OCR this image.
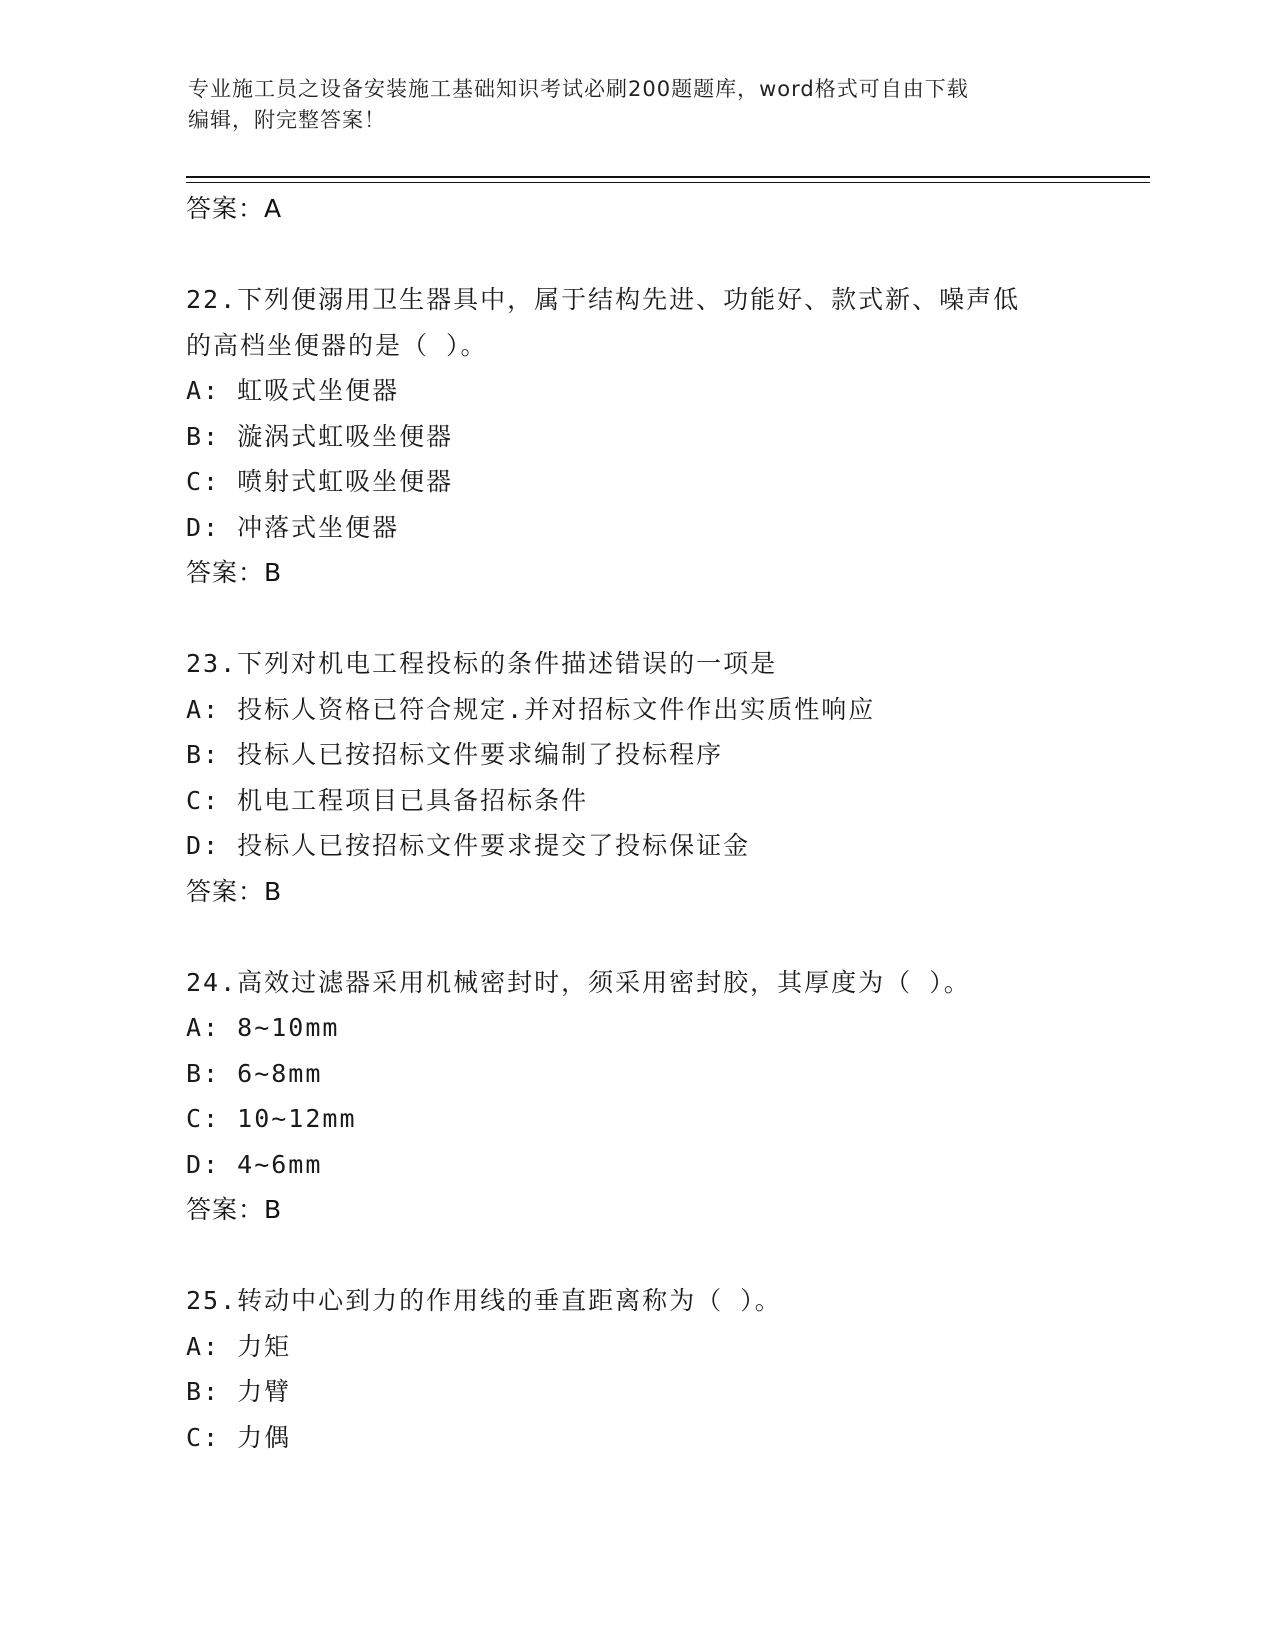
专业施工员之设备安装施工基础知识考试必刷200题题库，word格式可自由下载
编辑，附完整答案！
答案：A
22.下列便溺用卫生器具中，属于结构先进、功能好、款式新、噪声低
的高档坐便器的是（ ）。
A: 虹吸式坐便器
B: 漩涡式虹吸坐便器
C: 喷射式虹吸坐便器
D: 冲落式坐便器
答案：B
23.下列对机电工程投标的条件描述错误的一项是
A: 投标人资格已符合规定.并对招标文件作出实质性响应
B: 投标人已按招标文件要求编制了投标程序
C: 机电工程项目已具备招标条件
D: 投标人已按招标文件要求提交了投标保证金
答案：B
24.高效过滤器采用机械密封时，须采用密封胶，其厚度为（ ）。
A: 8~10mm
B: 6~8mm
C: 10~12mm
D: 4~6mm
答案：B
25.转动中心到力的作用线的垂直距离称为（ ）。
A: 力矩
B: 力臂
C: 力偶
